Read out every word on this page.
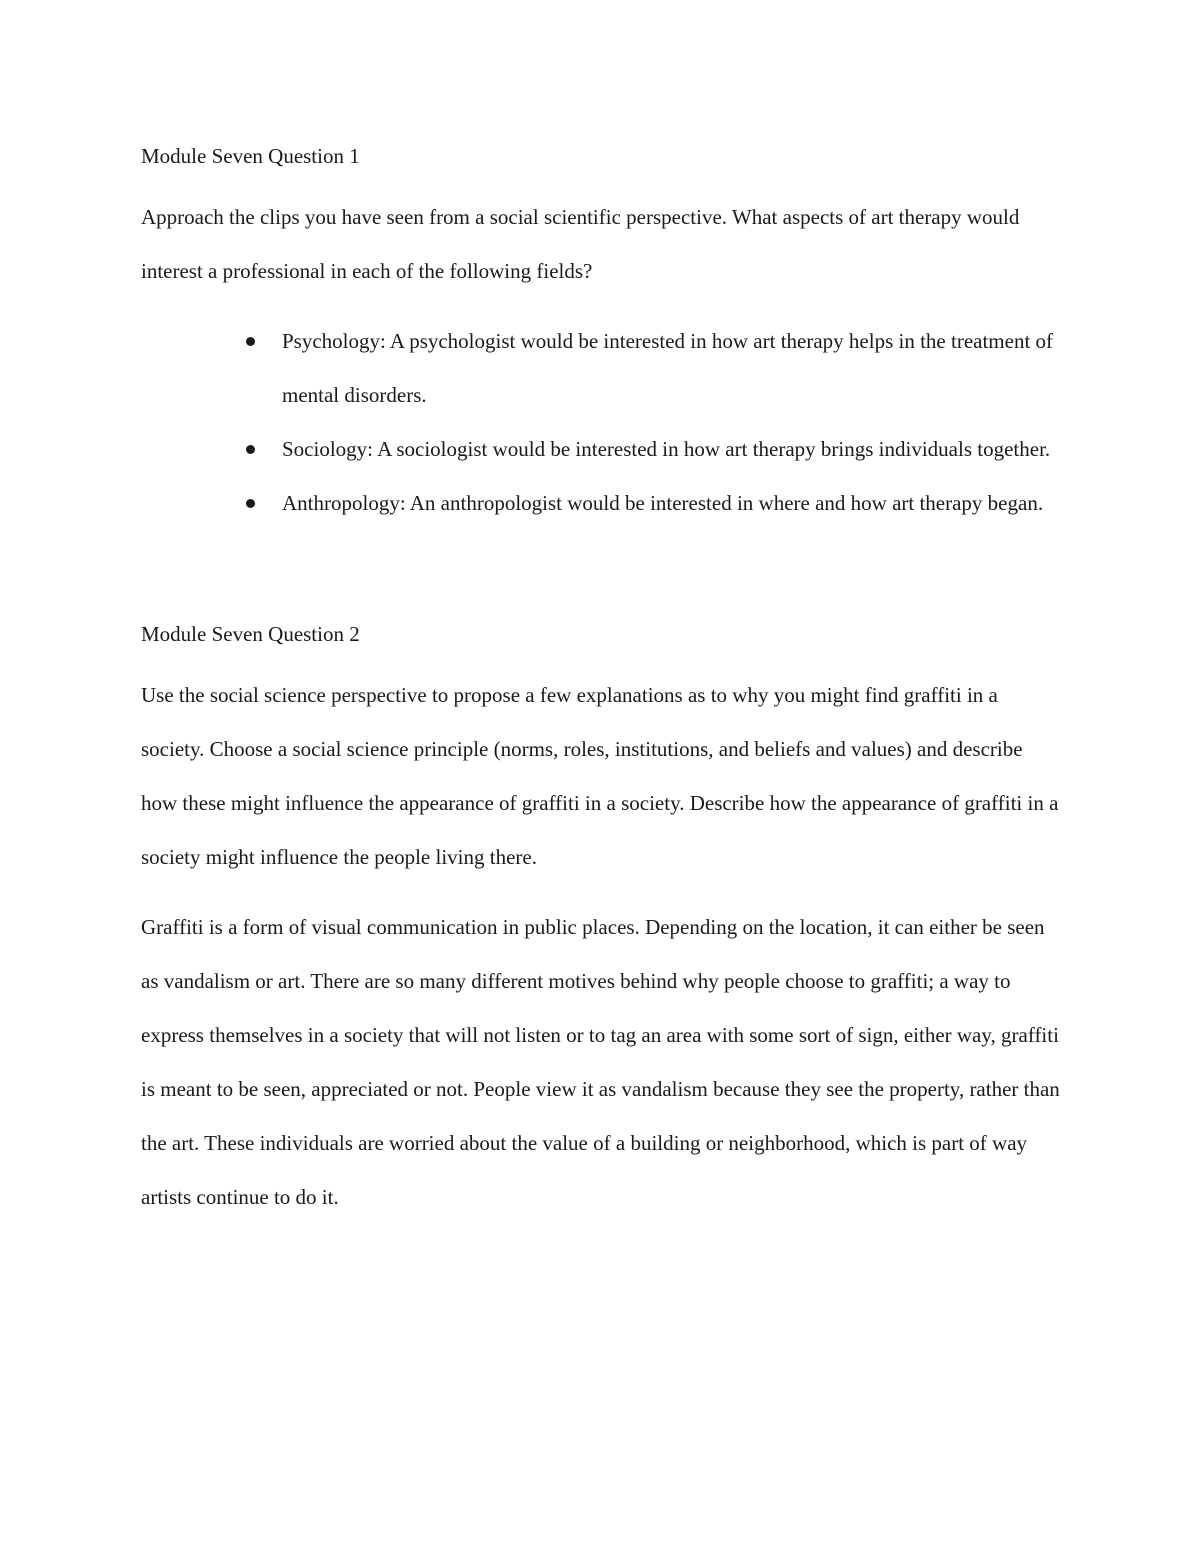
Module Seven Question 1

Approach the clips you have seen from a social scientific perspective. What aspects of art therapy would interest a professional in each of the following fields?

Psychology: A psychologist would be interested in how art therapy helps in the treatment of mental disorders.
Sociology: A sociologist would be interested in how art therapy brings individuals together.
Anthropology: An anthropologist would be interested in where and how art therapy began.
Module Seven Question 2

Use the social science perspective to propose a few explanations as to why you might find graffiti in a society. Choose a social science principle (norms, roles, institutions, and beliefs and values) and describe how these might influence the appearance of graffiti in a society. Describe how the appearance of graffiti in a society might influence the people living there.

Graffiti is a form of visual communication in public places. Depending on the location, it can either be seen as vandalism or art. There are so many different motives behind why people choose to graffiti; a way to express themselves in a society that will not listen or to tag an area with some sort of sign, either way, graffiti is meant to be seen, appreciated or not. People view it as vandalism because they see the property, rather than the art. These individuals are worried about the value of a building or neighborhood, which is part of way artists continue to do it.
